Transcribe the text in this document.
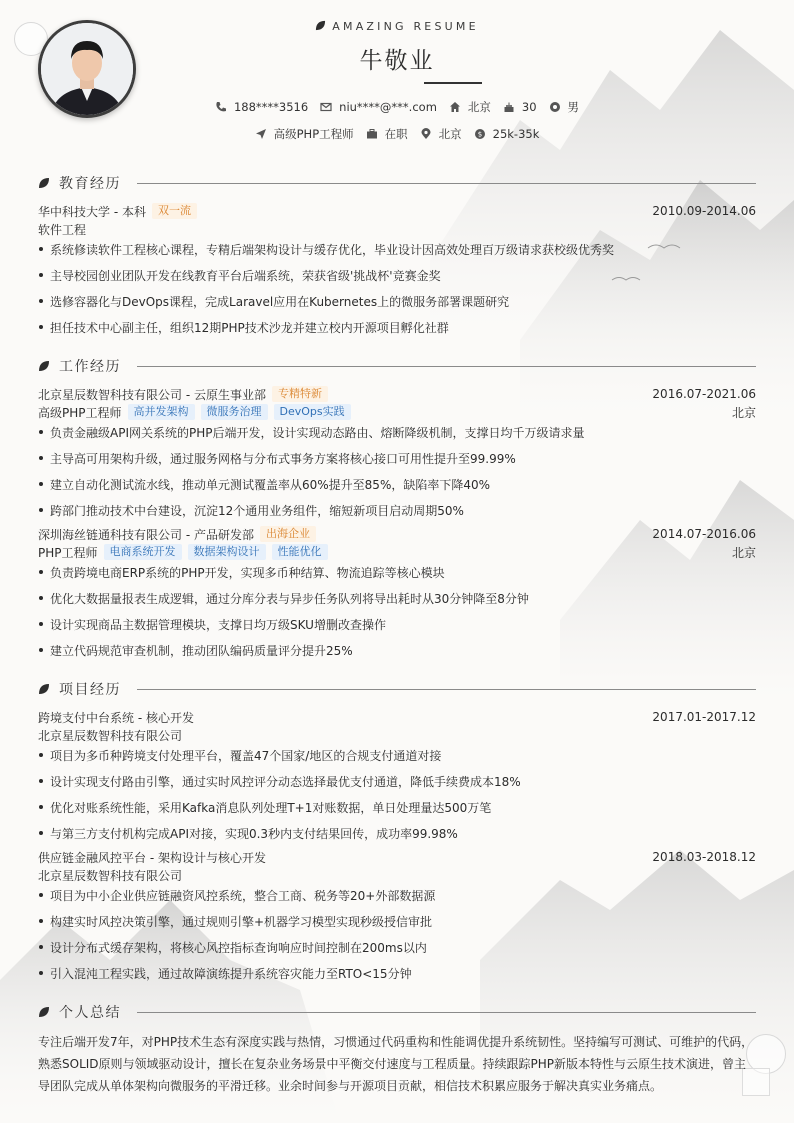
AMAZING RESUME
牛敬业
188****3516	niu****@***.com	北京	30	男
高级PHP工程师	在职	北京 $ 25k-35k
教育经历
华中科技大学 - 本科	双一流	2010.09-2014.06
软件工程
系统修读软件工程核心课程，专精后端架构设计与缓存优化，毕业设计因高效处理百万级请求获校级优秀奖
主导校园创业团队开发在线教育平台后端系统，荣获省级'挑战杯'竞赛金奖
选修容器化与DevOps课程，完成Laravel应用在Kubernetes上的微服务部署课题研究
担任技术中心副主任，组织12期PHP技术沙龙并建立校内开源项目孵化社群
工作经历
北京星辰数智科技有限公司 - 云原生事业部	专精特新	2016.07-2021.06
高级PHP工程师	高并发架构	微服务治理	DevOps实践	北京
负责金融级API网关系统的PHP后端开发，设计实现动态路由、熔断降级机制，支撑日均千万级请求量
主导高可用架构升级，通过服务网格与分布式事务方案将核心接口可用性提升至99.99%
建立自动化测试流水线，推动单元测试覆盖率从60%提升至85%，缺陷率下降40%
跨部门推动技术中台建设，沉淀12个通用业务组件，缩短新项目启动周期50%
深圳海丝链通科技有限公司 - 产品研发部	出海企业	2014.07-2016.06
PHP工程师	电商系统开发	数据架构设计	性能优化	北京
负责跨境电商ERP系统的PHP开发，实现多币种结算、物流追踪等核心模块
优化大数据量报表生成逻辑，通过分库分表与异步任务队列将导出耗时从30分钟降至8分钟
设计实现商品主数据管理模块，支撑日均万级SKU增删改查操作
建立代码规范审查机制，推动团队编码质量评分提升25%
项目经历
跨境支付中台系统 - 核心开发	2017.01-2017.12
北京星辰数智科技有限公司
项目为多币种跨境支付处理平台，覆盖47个国家/地区的合规支付通道对接
设计实现支付路由引擎，通过实时风控评分动态选择最优支付通道，降低手续费成本18%
优化对账系统性能，采用Kafka消息队列处理T+1对账数据，单日处理量达500万笔
与第三方支付机构完成API对接，实现0.3秒内支付结果回传，成功率99.98%
供应链金融风控平台 - 架构设计与核心开发	2018.03-2018.12
北京星辰数智科技有限公司
项目为中小企业供应链融资风控系统，整合工商、税务等20+外部数据源
构建实时风控决策引擎，通过规则引擎+机器学习模型实现秒级授信审批
设计分布式缓存架构，将核心风控指标查询响应时间控制在200ms以内
引入混沌工程实践，通过故障演练提升系统容灾能力至RTO<15分钟
个人总结
专注后端开发7年，对PHP技术生态有深度实践与热情，习惯通过代码重构和性能调优提升系统韧性。坚持编写可测试、可维护的代码，熟悉SOLID原则与领域驱动设计，擅长在复杂业务场景中平衡交付速度与工程质量。持续跟踪PHP新版本特性与云原生技术演进，曾主导团队完成从单体架构向微服务的平滑迁移。业余时间参与开源项目贡献，相信技术积累应服务于解决真实业务痛点。
